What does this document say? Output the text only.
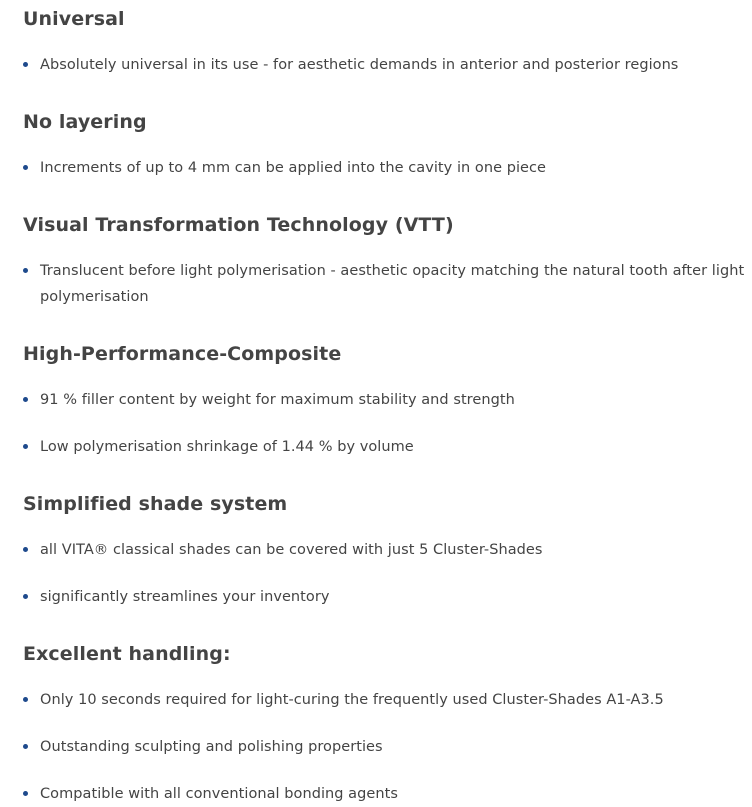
Universal
Absolutely universal in its use - for aesthetic demands in anterior and posterior regions
No layering
Increments of up to 4 mm can be applied into the cavity in one piece
Visual Transformation Technology (VTT)
Translucent before light polymerisation - aesthetic opacity matching the natural tooth after light polymerisation
High-Performance-Composite
91 % filler content by weight for maximum stability and strength
Low polymerisation shrinkage of 1.44 % by volume
Simplified shade system
all VITA® classical shades can be covered with just 5 Cluster-Shades
significantly streamlines your inventory
Excellent handling:
Only 10 seconds required for light-curing the frequently used Cluster-Shades A1-A3.5
Outstanding sculpting and polishing properties
Compatible with all conventional bonding agents
